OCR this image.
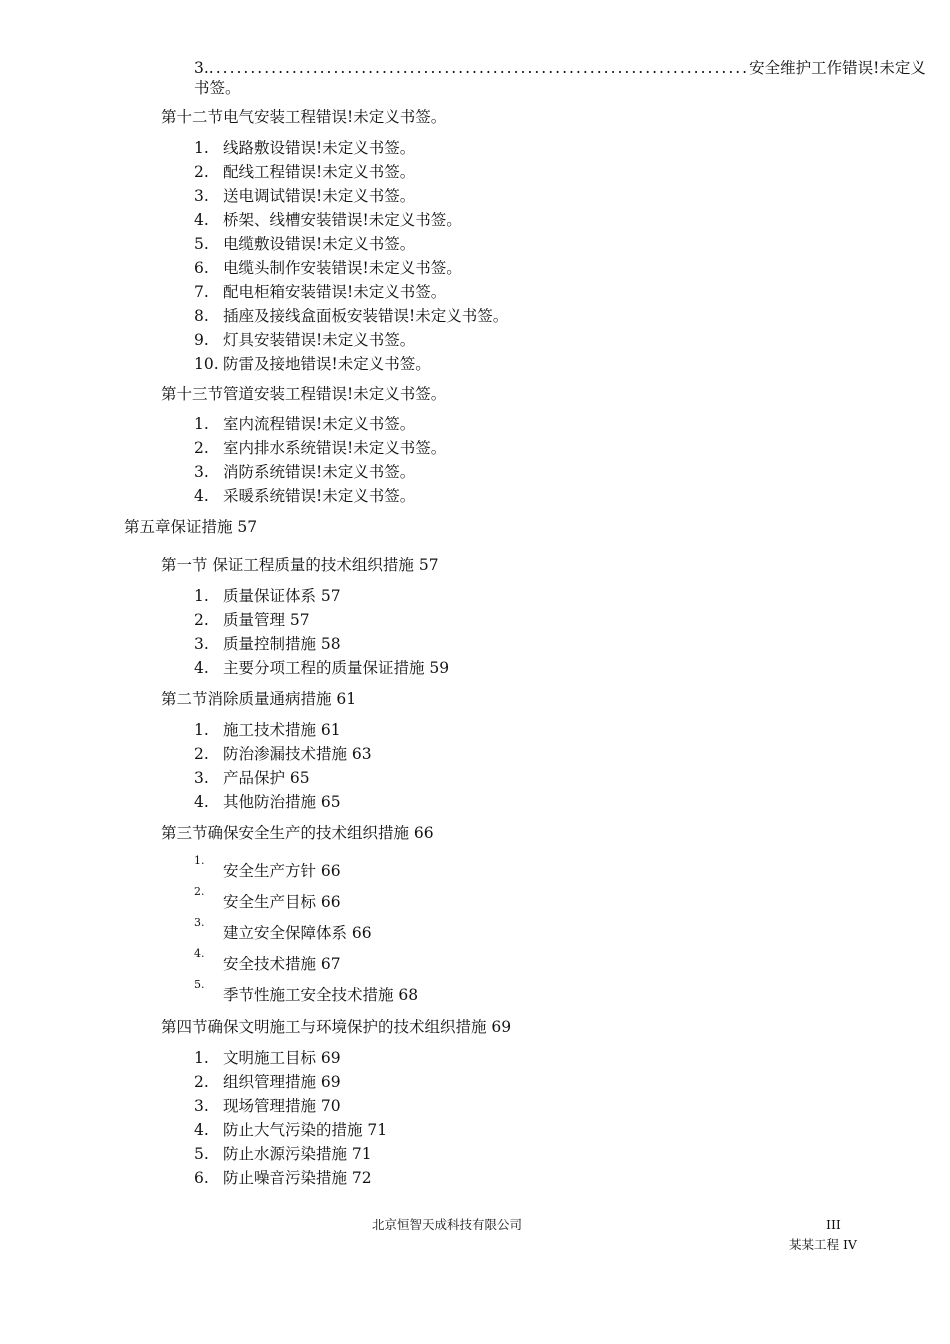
3. .............................................................................. 安全维护工作错误!未定义
书签。
第十二节电气安装工程错误!未定义书签。
1. 线路敷设错误!未定义书签。
2. 配线工程错误!未定义书签。
3. 送电调试错误!未定义书签。
4. 桥架、线槽安装错误!未定义书签。
5. 电缆敷设错误!未定义书签。
6. 电缆头制作安装错误!未定义书签。
7. 配电柜箱安装错误!未定义书签。
8. 插座及接线盒面板安装错误!未定义书签。
9. 灯具安装错误!未定义书签。
10. 防雷及接地错误!未定义书签。
第十三节管道安装工程错误!未定义书签。
1. 室内流程错误!未定义书签。
2. 室内排水系统错误!未定义书签。
3. 消防系统错误!未定义书签。
4. 采暖系统错误!未定义书签。
第五章保证措施 57
第一节 保证工程质量的技术组织措施 57
1. 质量保证体系 57
2. 质量管理 57
3. 质量控制措施 58
4. 主要分项工程的质量保证措施 59
第二节消除质量通病措施 61
1. 施工技术措施 61
2. 防治渗漏技术措施 63
3. 产品保护 65
4. 其他防治措施 65
第三节确保安全生产的技术组织措施 66
1.
安全生产方针 66
2.
安全生产目标 66
3.
建立安全保障体系 66
4.
安全技术措施 67
5.
季节性施工安全技术措施 68
第四节确保文明施工与环境保护的技术组织措施 69
1. 文明施工目标 69
2. 组织管理措施 69
3. 现场管理措施 70
4. 防止大气污染的措施 71
5. 防止水源污染措施 71
6. 防止噪音污染措施 72
北京恒智天成科技有限公司	III
某某工程 IV
